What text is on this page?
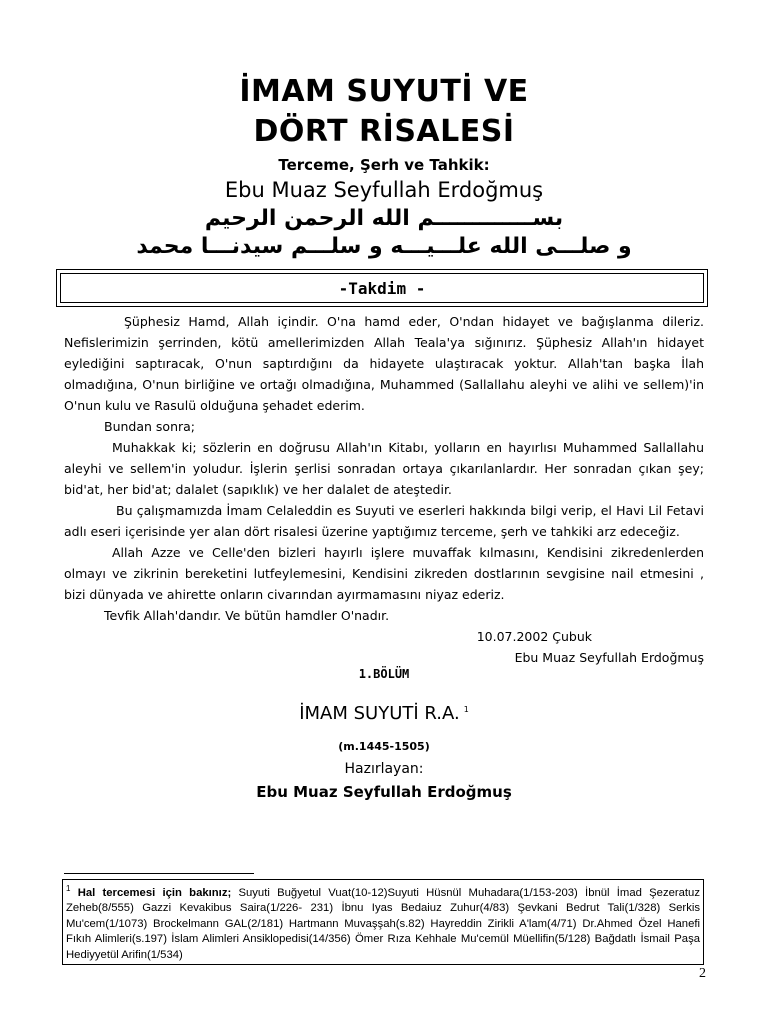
İMAM SUYUTİ VE
DÖRT RİSALESİ
Terceme, Şerh ve Tahkik:
Ebu Muaz Seyfullah Erdoğmuş
بســـــــــــــم الله الرحمن الرحيم
و صلـــى الله علـــيـــه و سلـــم سيدنـــا محمد
-Takdim -

Şüphesiz Hamd, Allah içindir. O'na hamd eder, O'ndan hidayet ve bağışlanma dileriz. Nefislerimizin şerrinden, kötü amellerimizden Allah Teala'ya sığınırız. Şüphesiz Allah'ın hidayet eylediğini saptıracak, O'nun saptırdığını da hidayete ulaştıracak yoktur. Allah'tan başka İlah olmadığına, O'nun birliğine ve ortağı olmadığına, Muhammed (Sallallahu aleyhi ve alihi ve sellem)'in O'nun kulu ve Rasulü olduğuna şehadet ederim.

Bundan sonra;

Muhakkak ki; sözlerin en doğrusu Allah'ın Kitabı, yolların en hayırlısı Muhammed Sallallahu aleyhi ve sellem'in yoludur. İşlerin şerlisi sonradan ortaya çıkarılanlardır. Her sonradan çıkan şey; bid'at, her bid'at; dalalet (sapıklık) ve her dalalet de ateştedir.

Bu çalışmamızda İmam Celaleddin es Suyuti ve eserleri hakkında bilgi verip, el Havi Lil Fetavi adlı eseri içerisinde yer alan dört risalesi üzerine yaptığımız terceme, şerh ve tahkiki arz edeceğiz.

Allah Azze ve Celle'den bizleri hayırlı işlere muvaffak kılmasını, Kendisini zikredenlerden olmayı ve zikrinin bereketini lutfeylemesini, Kendisini zikreden dostlarının sevgisine nail etmesini , bizi dünyada ve ahirette onların civarından ayırmamasını niyaz ederiz.

Tevfik Allah'dandır. Ve bütün hamdler O'nadır.

10.07.2002 Çubuk

Ebu Muaz Seyfullah Erdoğmuş

1.BÖLÜM
İMAM SUYUTİ R.A. $^1$
(m.1445-1505)
Hazırlayan:
Ebu Muaz Seyfullah Erdoğmuş
$^1$ Hal tercemesi için bakınız; Suyuti Buğyetul Vuat(10-12)Suyuti Hüsnül Muhadara(1/153-203) İbnül İmad Şezeratuz Zeheb(8/555) Gazzi Kevakibus Saira(1/226- 231) İbnu Iyas Bedaiuz Zuhur(4/83) Şevkani Bedrut Tali(1/328) Serkis Mu'cem(1/1073) Brockelmann GAL(2/181) Hartmann Muvaşşah(s.82) Hayreddin Zirikli A'lam(4/71) Dr.Ahmed Özel Hanefi Fıkıh Alimleri(s.197) İslam Alimleri Ansiklopedisi(14/356) Ömer Rıza Kehhale Mu'cemül Müellifin(5/128) Bağdatlı İsmail Paşa Hediyyetül Arifin(1/534)
2
